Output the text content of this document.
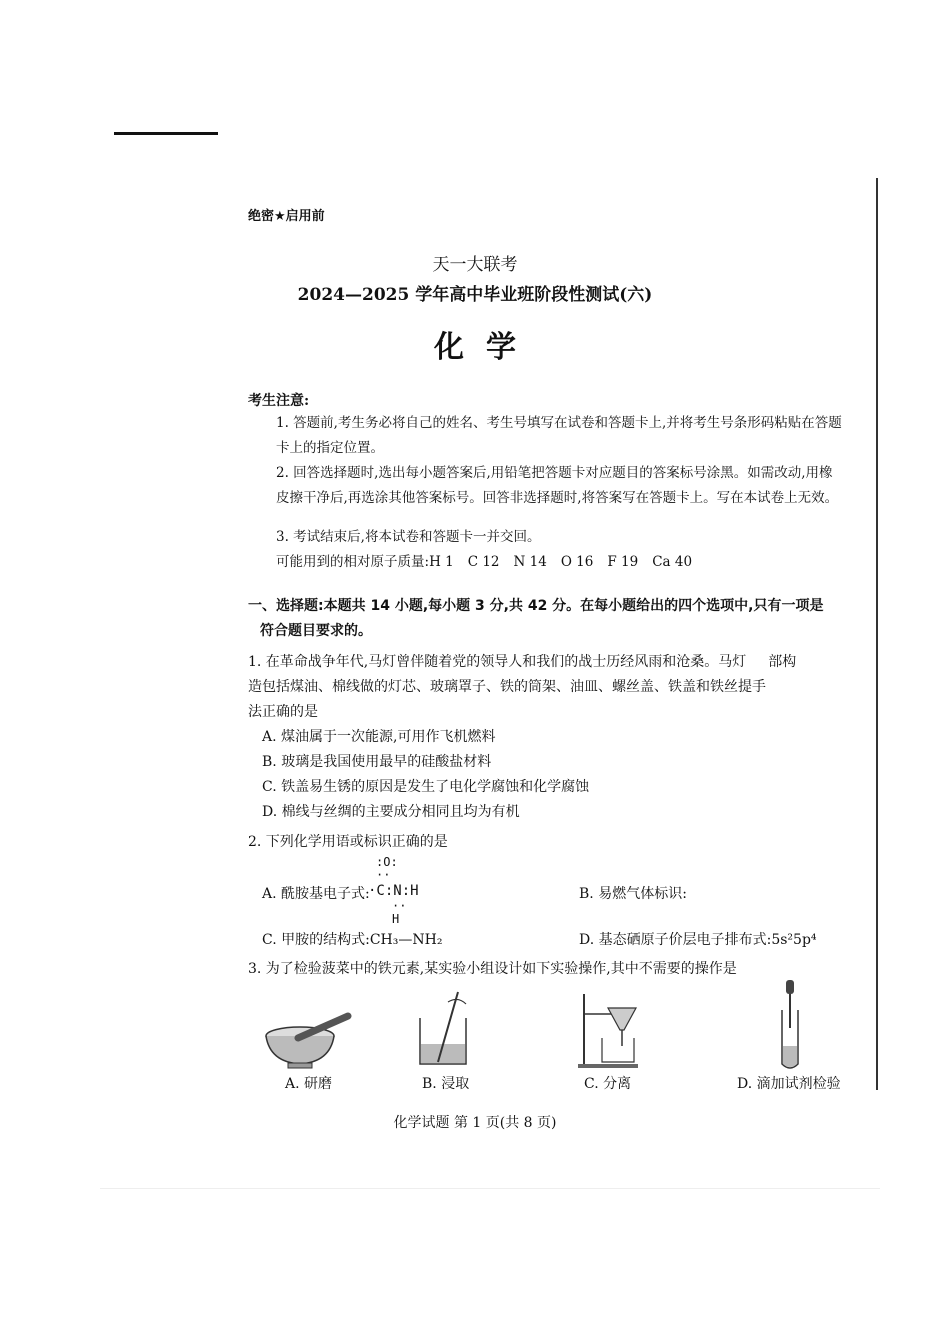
绝密★启用前
天一大联考
2024—2025 学年高中毕业班阶段性测试(六)
化学
考生注意:
1. 答题前,考生务必将自己的姓名、考生号填写在试卷和答题卡上,并将考生号条形码粘贴在答题卡上的指定位置。
2. 回答选择题时,选出每小题答案后,用铅笔把答题卡对应题目的答案标号涂黑。如需改动,用橡皮擦干净后,再选涂其他答案标号。回答非选择题时,将答案写在答题卡上。写在本试卷上无效。
3. 考试结束后,将本试卷和答题卡一并交回。
可能用到的相对原子质量:H 1 C 12 N 14 O 16 F 19 Ca 40
一、选择题:本题共 14 小题,每小题 3 分,共 42 分。在每小题给出的四个选项中,只有一项是
符合题目要求的。
1. 在革命战争年代,马灯曾伴随着党的领导人和我们的战士历经风雨和沧桑。马灯 部构
造包括煤油、棉线做的灯芯、玻璃罩子、铁的筒架、油皿、螺丝盖、铁盖和铁丝提手
法正确的是
A. 煤油属于一次能源,可用作飞机燃料
B. 玻璃是我国使用最早的硅酸盐材料
C. 铁盖易生锈的原因是发生了电化学腐蚀和化学腐蚀
D. 棉线与丝绸的主要成分相同且均为有机
2. 下列化学用语或标识正确的是
:O:
··
·C:N:H
··
H
A. 酰胺基电子式:	B. 易燃气体标识:
C. 甲胺的结构式:CH₃—NH₂	D. 基态硒原子价层电子排布式:5s²5p⁴
3. 为了检验菠菜中的铁元素,某实验小组设计如下实验操作,其中不需要的操作是
A. 研磨	B. 浸取	C. 分离	D. 滴加试剂检验
化学试题 第 1 页(共 8 页)
